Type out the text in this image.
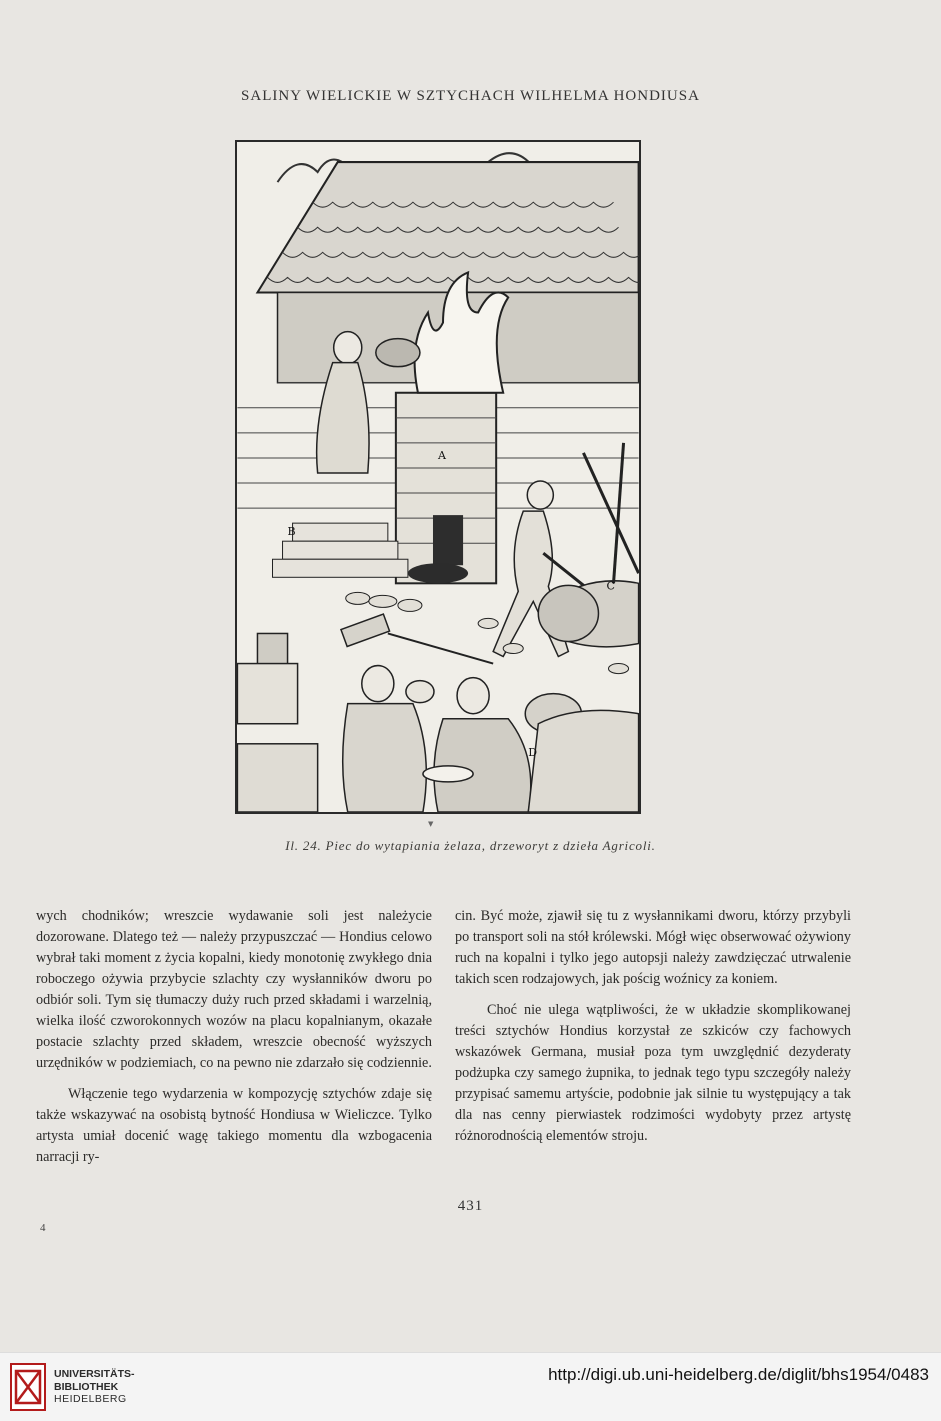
SALINY WIELICKIE W SZTYCHACH WILHELMA HONDIUSA
A
B
C
D
▼
Il. 24. Piec do wytapiania żelaza, drzeworyt z dzieła Agricoli.

wych chodników; wreszcie wydawanie soli jest należycie dozorowane. Dlatego też — należy przypuszczać — Hondius celowo wybrał taki moment z życia kopalni, kiedy monotonię zwykłego dnia roboczego ożywia przybycie szlachty czy wysłanników dworu po odbiór soli. Tym się tłumaczy duży ruch przed składami i warzelnią, wielka ilość czworokonnych wozów na placu kopalnianym, okazałe postacie szlachty przed składem, wreszcie obecność wyższych urzędników w podziemiach, co na pewno nie zdarzało się codziennie.

Włączenie tego wydarzenia w kompozycję sztychów zdaje się także wskazywać na osobistą bytność Hondiusa w Wieliczce. Tylko artysta umiał docenić wagę takiego momentu dla wzbogacenia narracji ry-

cin. Być może, zjawił się tu z wysłannikami dworu, którzy przybyli po transport soli na stół królewski. Mógł więc obserwować ożywiony ruch na kopalni i tylko jego autopsji należy zawdzięczać utrwalenie takich scen rodzajowych, jak pościg woźnicy za koniem.

Choć nie ulega wątpliwości, że w układzie skomplikowanej treści sztychów Hondius korzystał ze szkiców czy fachowych wskazówek Germana, musiał poza tym uwzględnić dezyderaty podżupka czy samego żupnika, to jednak tego typu szczegóły należy przypisać samemu artyście, podobnie jak silnie tu występujący a tak dla nas cenny pierwiastek rodzimości wydobyty przez artystę różnorodnością elementów stroju.

431
4
UNIVERSITÄTS-
BIBLIOTHEK
HEIDELBERG
http://digi.ub.uni-heidelberg.de/diglit/bhs1954/0483
